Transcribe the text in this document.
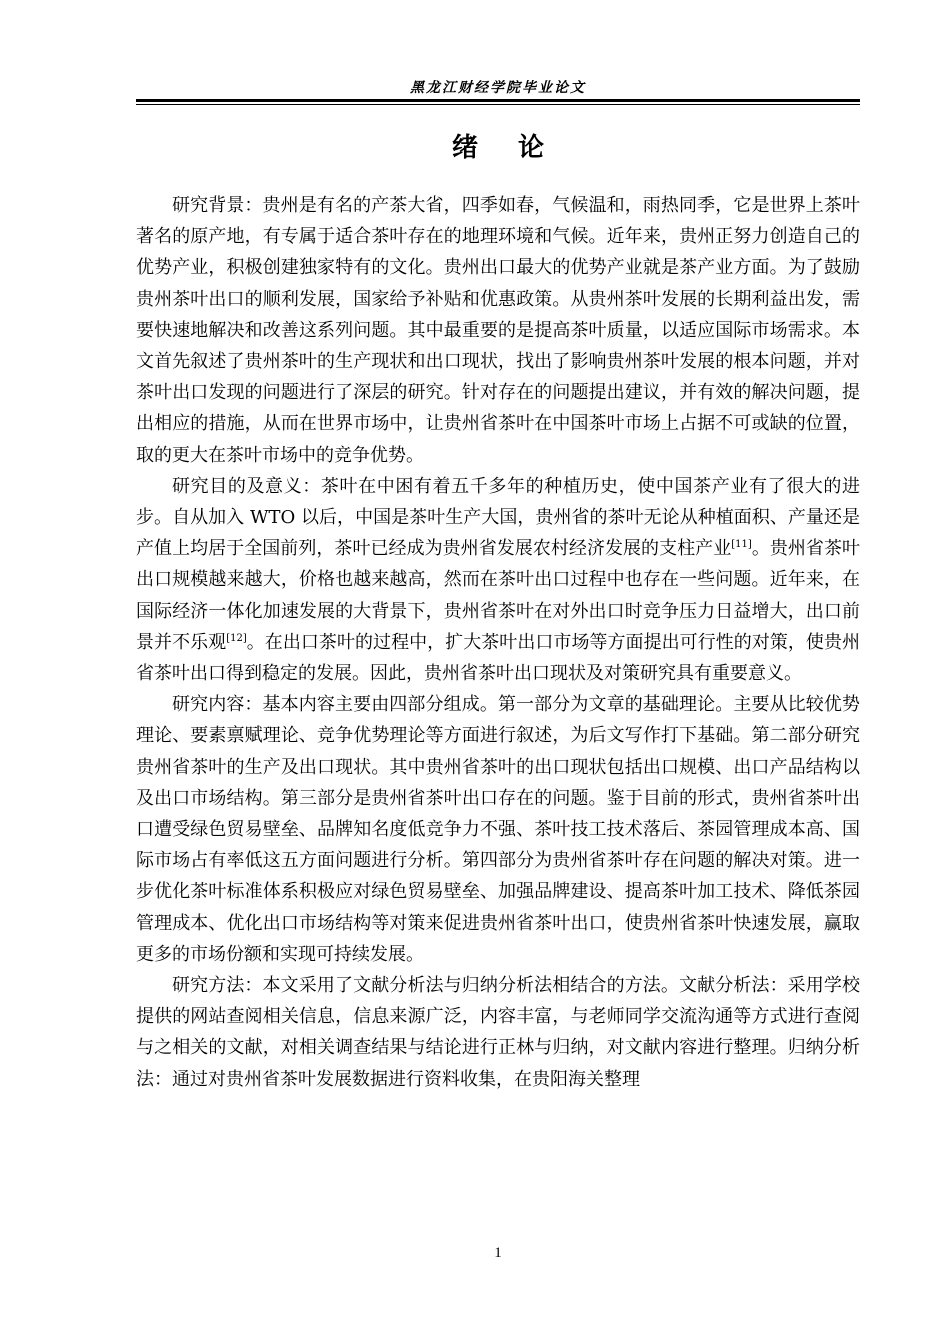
黑龙江财经学院毕业论文
绪论

研究背景：贵州是有名的产茶大省，四季如春，气候温和，雨热同季，它是世界上茶叶著名的原产地，有专属于适合茶叶存在的地理环境和气候。近年来，贵州正努力创造自己的优势产业，积极创建独家特有的文化。贵州出口最大的优势产业就是茶产业方面。为了鼓励贵州茶叶出口的顺利发展，国家给予补贴和优惠政策。从贵州茶叶发展的长期利益出发，需要快速地解决和改善这系列问题。其中最重要的是提高茶叶质量，以适应国际市场需求。本文首先叙述了贵州茶叶的生产现状和出口现状，找出了影响贵州茶叶发展的根本问题，并对茶叶出口发现的问题进行了深层的研究。针对存在的问题提出建议，并有效的解决问题，提出相应的措施，从而在世界市场中，让贵州省茶叶在中国茶叶市场上占据不可或缺的位置，取的更大在茶叶市场中的竞争优势。

研究目的及意义：茶叶在中困有着五千多年的种植历史，使中国茶产业有了很大的进步。自从加入 WTO 以后，中国是茶叶生产大国，贵州省的茶叶无论从种植面积、产量还是产值上均居于全国前列，茶叶已经成为贵州省发展农村经济发展的支柱产业[11]。贵州省茶叶出口规模越来越大，价格也越来越高，然而在茶叶出口过程中也存在一些问题。近年来，在国际经济一体化加速发展的大背景下，贵州省茶叶在对外出口时竞争压力日益增大，出口前景并不乐观[12]。在出口茶叶的过程中，扩大茶叶出口市场等方面提出可行性的对策，使贵州省茶叶出口得到稳定的发展。因此，贵州省茶叶出口现状及对策研究具有重要意义。

研究内容：基本内容主要由四部分组成。第一部分为文章的基础理论。主要从比较优势理论、要素禀赋理论、竞争优势理论等方面进行叙述，为后文写作打下基础。第二部分研究贵州省茶叶的生产及出口现状。其中贵州省茶叶的出口现状包括出口规模、出口产品结构以及出口市场结构。第三部分是贵州省茶叶出口存在的问题。鉴于目前的形式，贵州省茶叶出口遭受绿色贸易壁垒、品牌知名度低竞争力不强、茶叶技工技术落后、茶园管理成本高、国际市场占有率低这五方面问题进行分析。第四部分为贵州省茶叶存在问题的解决对策。进一步优化茶叶标准体系积极应对绿色贸易壁垒、加强品牌建设、提高茶叶加工技术、降低茶园管理成本、优化出口市场结构等对策来促进贵州省茶叶出口，使贵州省茶叶快速发展，赢取更多的市场份额和实现可持续发展。

研究方法：本文采用了文献分析法与归纳分析法相结合的方法。文献分析法：采用学校提供的网站查阅相关信息，信息来源广泛，内容丰富，与老师同学交流沟通等方式进行查阅与之相关的文献，对相关调查结果与结论进行正林与归纳，对文献内容进行整理。归纳分析法：通过对贵州省茶叶发展数据进行资料收集，在贵阳海关整理

1
